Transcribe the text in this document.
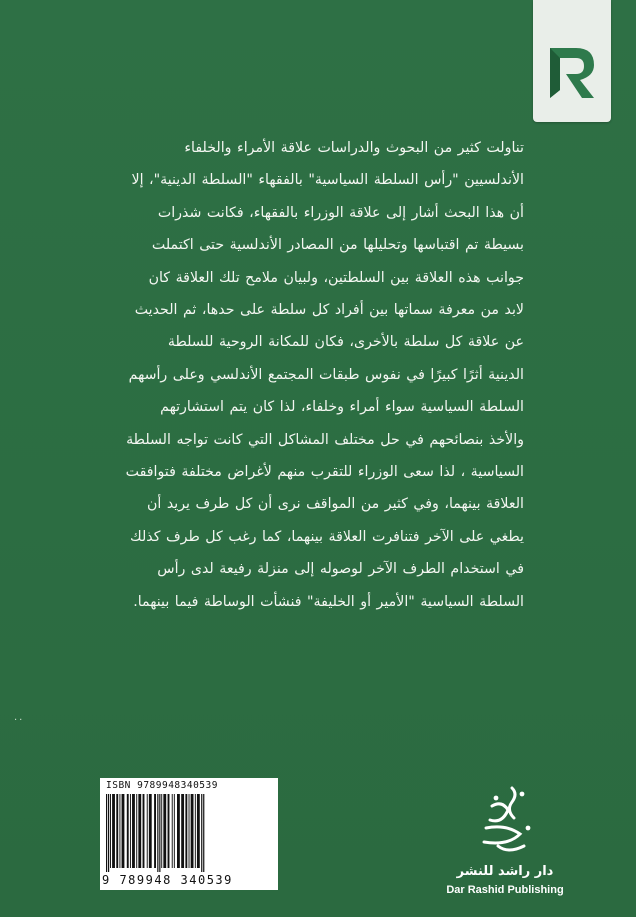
تناولت كثير من البحوث والدراسات علاقة الأمراء والخلفاء
الأندلسيين "رأس السلطة السياسية" بالفقهاء "السلطة الدينية"، إلا
أن هذا البحث أشار إلى علاقة الوزراء بالفقهاء، فكانت شذرات
بسيطة تم اقتباسها وتحليلها من المصادر الأندلسية حتى اكتملت
جوانب هذه العلاقة بين السلطتين، ولبيان ملامح تلك العلاقة كان
لابد من معرفة سماتها بين أفراد كل سلطة على حدها، ثم الحديث
عن علاقة كل سلطة بالأخرى، فكان للمكانة الروحية للسلطة
الدينية أثرًا كبيرًا في نفوس طبقات المجتمع الأندلسي وعلى رأسهم
السلطة السياسية سواء أمراء وخلفاء، لذا كان يتم استشارتهم
والأخذ بنصائحهم في حل مختلف المشاكل التي كانت تواجه السلطة
السياسية ، لذا سعى الوزراء للتقرب منهم لأغراض مختلفة فتوافقت
العلاقة بينهما، وفي كثير من المواقف نرى أن كل طرف يريد أن
يطغي على الآخر فتنافرت العلاقة بينهما، كما رغب كل طرف كذلك
في استخدام الطرف الآخر لوصوله إلى منزلة رفيعة لدى رأس
السلطة السياسية "الأمير أو الخليفة" فنشأت الوساطة فيما بينهما.
..
ISBN 9789948340539
9 789948 340539
دار راشد للنشر
Dar Rashid Publishing
